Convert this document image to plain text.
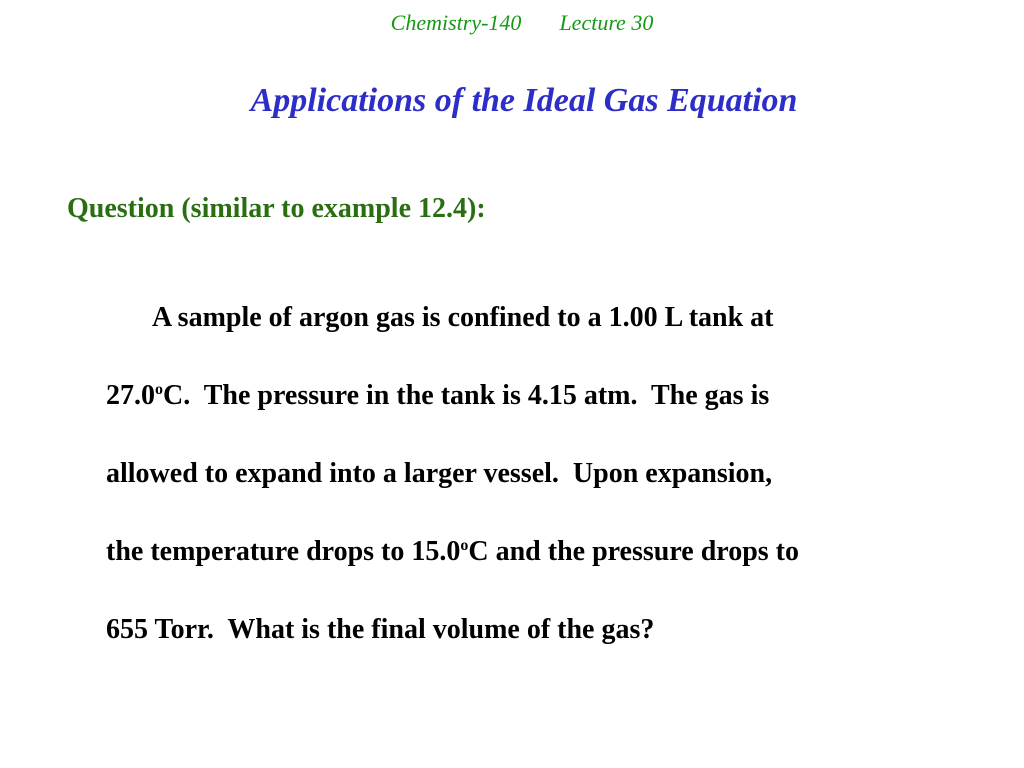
Chemistry-140 Lecture 30
Applications of the Ideal Gas Equation
Question (similar to example 12.4):
A sample of argon gas is confined to a 1.00 L tank at
27.0$^o$C.  The pressure in the tank is 4.15 atm.  The gas is
allowed to expand into a larger vessel.  Upon expansion,
the temperature drops to 15.0$^o$C and the pressure drops to
655 Torr.  What is the final volume of the gas?
